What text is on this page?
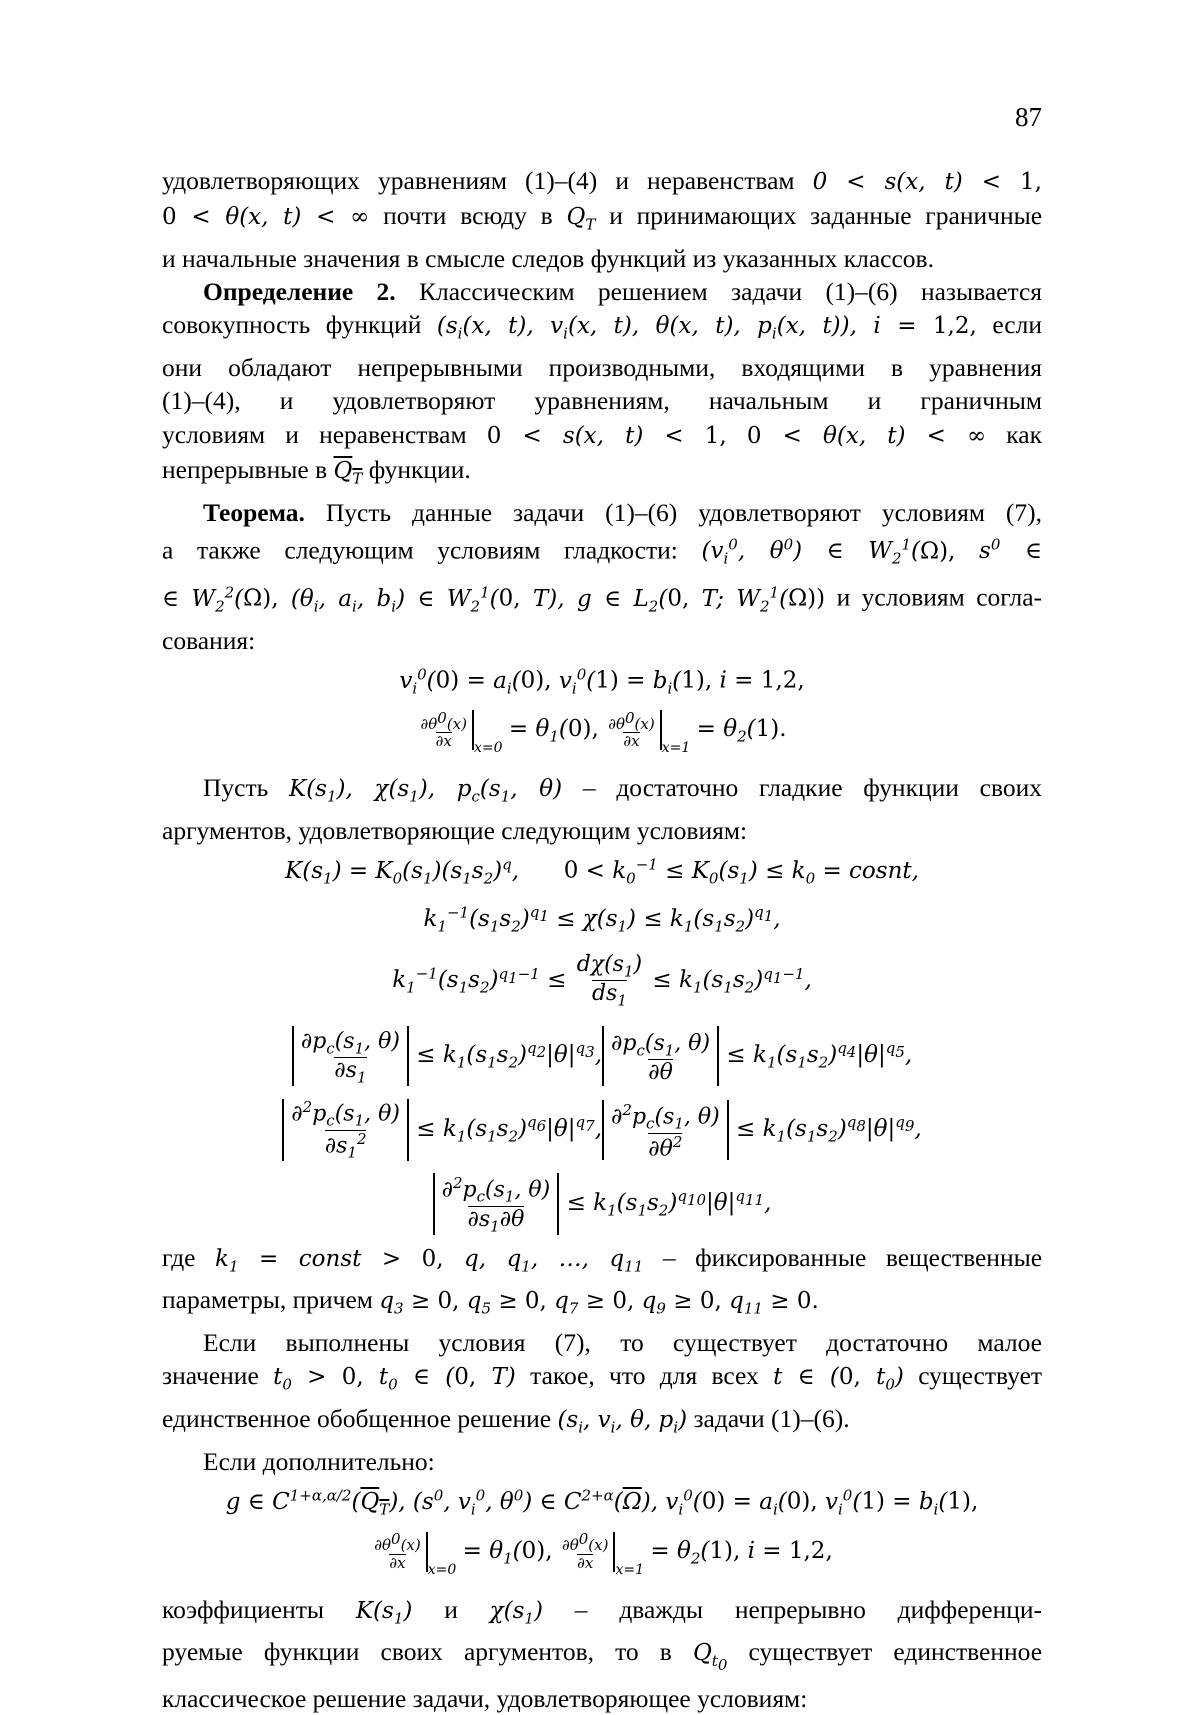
87

удовлетворяющих уравнениям (1)–(4) и неравенствам 0 < s(x, t) < 1,

0 < θ(x, t) < ∞ почти всюду в $Q_T$ и принимающих заданные граничные

и начальные значения в смысле следов функций из указанных классов.

Определение 2. Классическим решением задачи (1)–(6) называется

совокупность функций ($s_i(x$, t), $v_i(x$, t), θ(x, t), $p_i(x$, t)), i = 1,2, если

они обладают непрерывными производными, входящими в уравнения

(1)–(4), и удовлетворяют уравнениям, начальным и граничным

условиям и неравенствам 0 < s(x, t) < 1, 0 < θ(x, t) < ∞ как

непрерывные в $Q_T$ функции.

Теорема. Пусть данные задачи (1)–(6) удовлетворяют условиям (7),

а также следующим условиям гладкости: ($v_i^0$, $\theta^0$) ∈ $W_2^1(\Omega)$, $s^0$ ∈

∈ $W_2^2(\Omega)$, ($\theta_i$, $a_i$, $b_i$) ∈ $W_2^1(0$, T), g ∈ $L_2(0$, T; $W_2^1(\Omega)$) и условиям согла-

сования:

$v_i^0(0) = a_i(0)$, $v_i^0(1) = b_i(1)$, i = 1,2,

$\frac{\partial\theta^0(x)}{\partial x} _{x=0} = \theta_1(0)$, $\frac{\partial\theta^0(x)}{\partial x} _{x=1} = \theta_2(1)$.

Пусть $K(s_1)$, $\chi(s_1)$, $p_c(s_1$, θ) – достаточно гладкие функции своих

аргументов, удовлетворяющие следующим условиям:

$K(s_1) = K_0(s_1)(s_1s_2)^q$, $0 < k_0^{-1} \le K_0(s_1) \le k_0$ = cosnt,

$k_1^{-1}(s_1s_2)^{q_1} \le \chi(s_1) \le k_1(s_1s_2)^{q_1}$,

$k_1^{-1}(s_1s_2)^{q_1-1} \le \frac{d\chi(s_1)}{ds_1} \le k_1(s_1s_2)^{q_1-1}$,

$\frac{\partial p_c(s_1, \theta)}{\partial s_1} \le k_1(s_1s_2)^{q_2}|\theta|^{q_3}$, $\frac{\partial p_c(s_1, \theta)}{\partial\theta} \le k_1(s_1s_2)^{q_4}|\theta|^{q_5}$,

$\frac{\partial^2p_c(s_1, \theta)}{\partial s_1^2} \le k_1(s_1s_2)^{q_6}|\theta|^{q_7}$, $\frac{\partial^2p_c(s_1, \theta)}{\partial\theta^2} \le k_1(s_1s_2)^{q_8}|\theta|^{q_9}$,

$\frac{\partial^2p_c(s_1, \theta)}{\partial s_1\partial\theta} \le k_1(s_1s_2)^{q_{10}}|\theta|^{q_{11}}$,

где $k_1$ = const > 0, q, $q_1$, …, $q_{11}$ – фиксированные вещественные

параметры, причем $q_3 \ge 0$, $q_5 \ge 0$, $q_7 \ge 0$, $q_9 \ge 0$, $q_{11} \ge 0$.

Если выполнены условия (7), то существует достаточно малое

значение $t_0 > 0$, $t_0$ ∈ (0, T) такое, что для всех t ∈ (0, $t_0$) существует

единственное обобщенное решение ($s_i$, $v_i$, θ, $p_i$) задачи (1)–(6).

Если дополнительно:

g ∈ $C^{1+\alpha,\alpha/2}(Q_T)$, ($s^0$, $v_i^0$, $\theta^0$) ∈ $C^{2+\alpha}(\overline{\Omega})$, $v_i^0(0) = a_i(0)$, $v_i^0(1) = b_i(1)$,

$\frac{\partial\theta^0(x)}{\partial x} _{x=0} = \theta_1(0)$, $\frac{\partial\theta^0(x)}{\partial x} _{x=1} = \theta_2(1)$, i = 1,2,

коэффициенты $K(s_1)$ и $\chi(s_1)$ – дважды непрерывно дифференци-

руемые функции своих аргументов, то в $Q_{t_0}$ существует единственное

классическое решение задачи, удовлетворяющее условиям:
